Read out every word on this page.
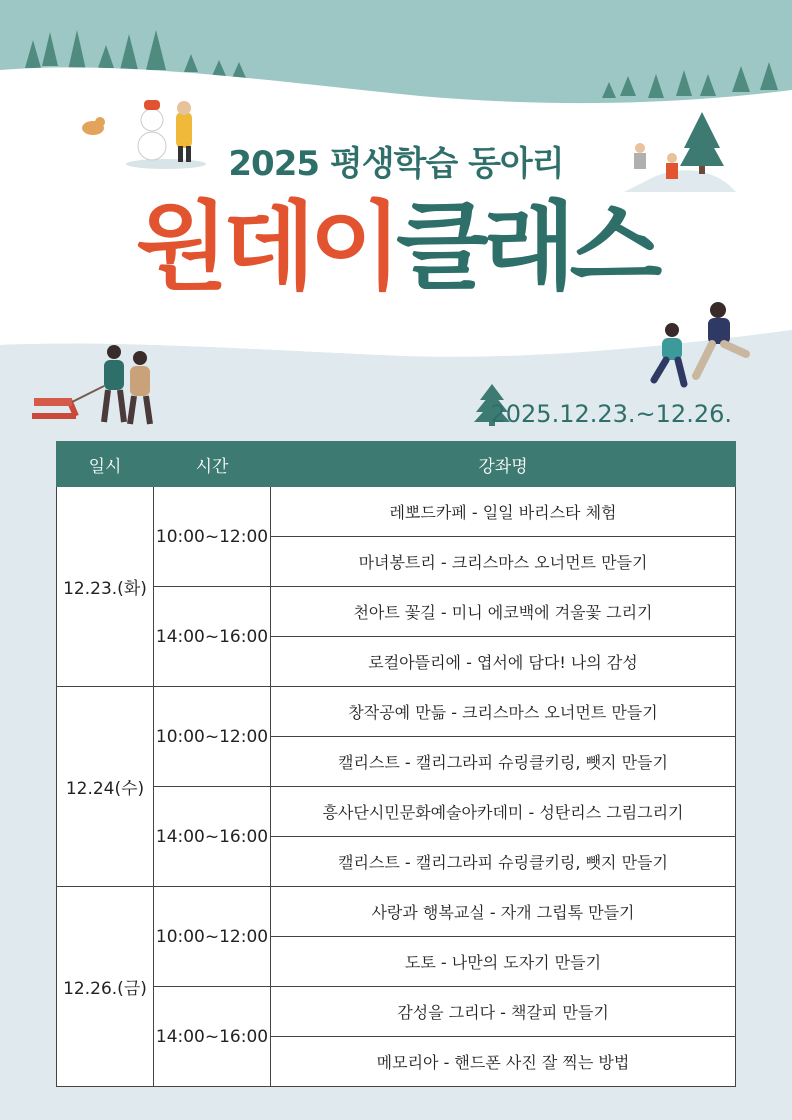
2025 평생학습 동아리
원데이클래스
2025.12.23.~12.26.
일시	시간	강좌명
12.23.(화)	10:00~12:00	레뽀드카페 - 일일 바리스타 체험
		마녀봉트리 - 크리스마스 오너먼트 만들기
	14:00~16:00	천아트 꽃길 - 미니 에코백에 겨울꽃 그리기
		로컬아뜰리에 - 엽서에 담다! 나의 감성
12.24(수)	10:00~12:00	창작공예 만듦 - 크리스마스 오너먼트 만들기
		캘리스트 - 캘리그라피 슈링클키링, 뺏지 만들기
	14:00~16:00	흥사단시민문화예술아카데미 - 성탄리스 그림그리기
		캘리스트 - 캘리그라피 슈링클키링, 뺏지 만들기
12.26.(금)	10:00~12:00	사랑과 행복교실 - 자개 그립톡 만들기
		도토 - 나만의 도자기 만들기
	14:00~16:00	감성을 그리다 - 책갈피 만들기
		메모리아 - 핸드폰 사진 잘 찍는 방법
